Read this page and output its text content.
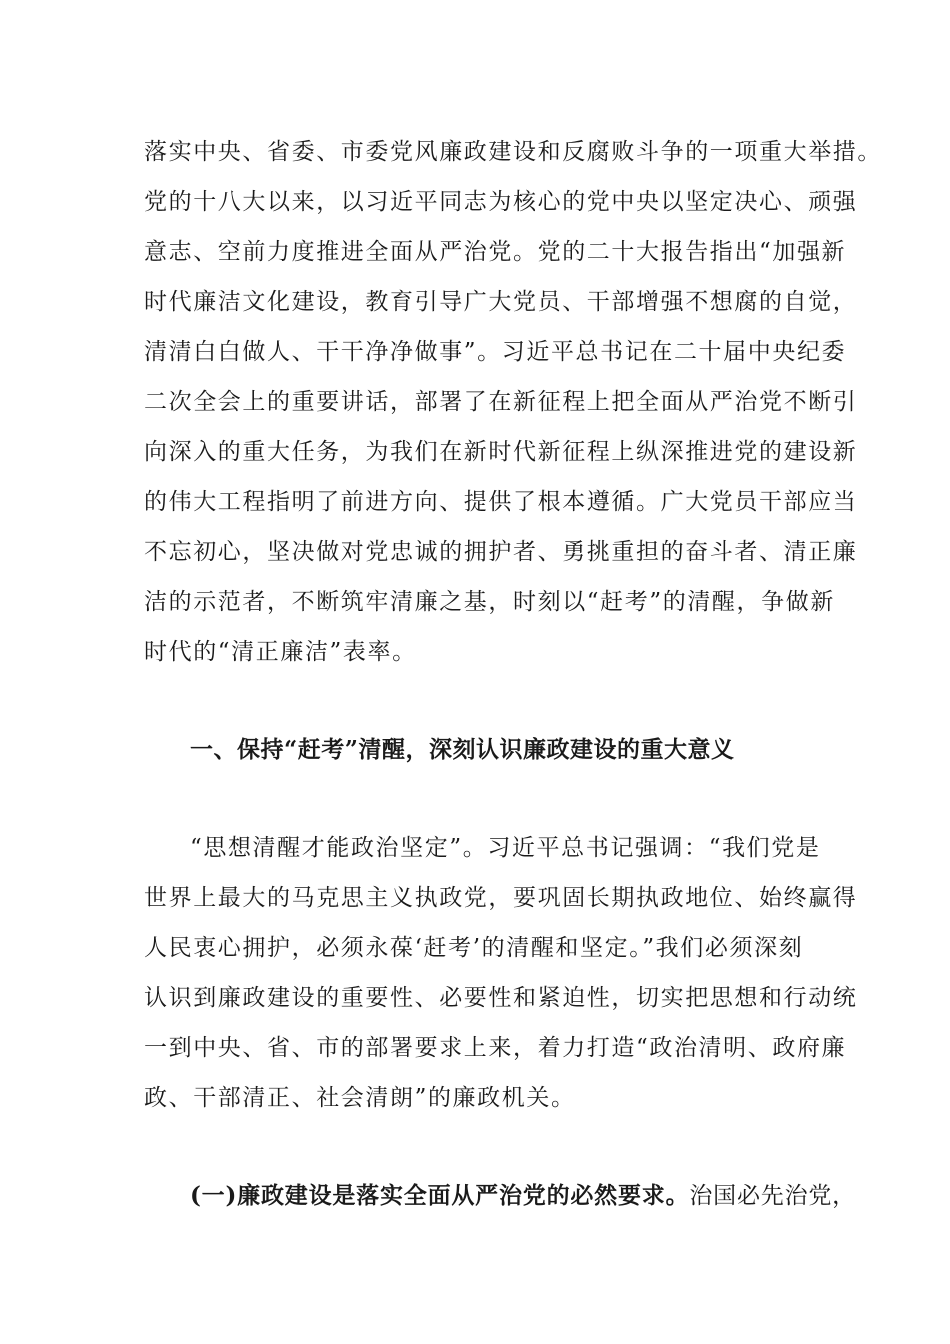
落实中央、省委、市委党风廉政建设和反腐败斗争的一项重大举措。
党的十八大以来，以习近平同志为核心的党中央以坚定决心、顽强
意志、空前力度推进全面从严治党。党的二十大报告指出“加强新
时代廉洁文化建设，教育引导广大党员、干部增强不想腐的自觉，
清清白白做人、干干净净做事”。习近平总书记在二十届中央纪委
二次全会上的重要讲话，部署了在新征程上把全面从严治党不断引
向深入的重大任务，为我们在新时代新征程上纵深推进党的建设新
的伟大工程指明了前进方向、提供了根本遵循。广大党员干部应当
不忘初心，坚决做对党忠诚的拥护者、勇挑重担的奋斗者、清正廉
洁的示范者，不断筑牢清廉之基，时刻以“赶考”的清醒，争做新
时代的“清正廉洁”表率。
一、保持“赶考”清醒，深刻认识廉政建设的重大意义
“思想清醒才能政治坚定”。习近平总书记强调：“我们党是
世界上最大的马克思主义执政党，要巩固长期执政地位、始终赢得
人民衷心拥护，必须永葆‘赶考’的清醒和坚定。”我们必须深刻
认识到廉政建设的重要性、必要性和紧迫性，切实把思想和行动统
一到中央、省、市的部署要求上来，着力打造“政治清明、政府廉
政、干部清正、社会清朗”的廉政机关。
(一)廉政建设是落实全面从严治党的必然要求。治国必先治党，
